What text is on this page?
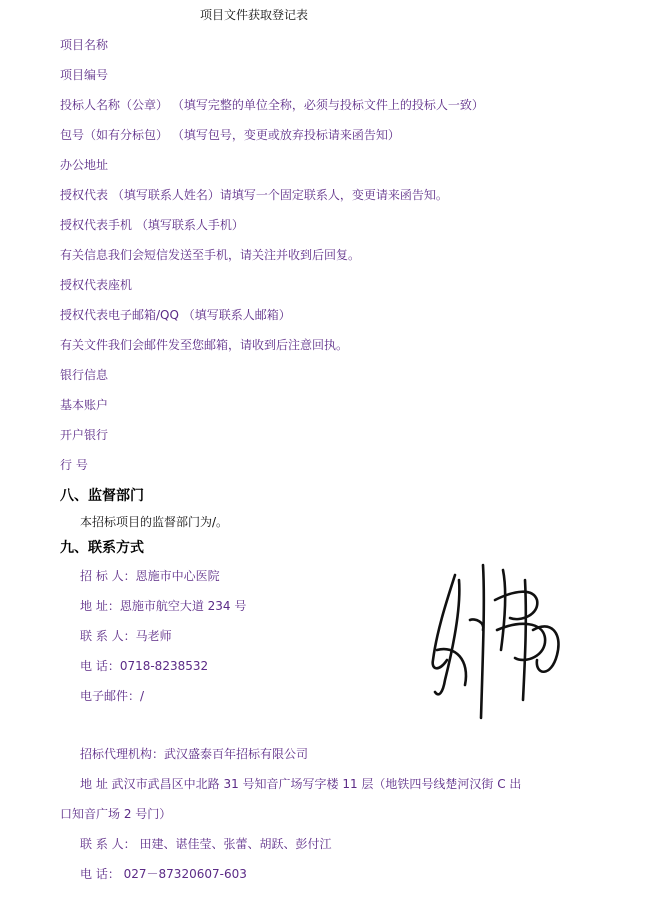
项目文件获取登记表
项目名称
项目编号
投标人名称（公章） （填写完整的单位全称，必须与投标文件上的投标人一致）
包号（如有分标包） （填写包号，变更或放弃投标请来函告知）
办公地址
授权代表 （填写联系人姓名）请填写一个固定联系人，变更请来函告知。
授权代表手机 （填写联系人手机）
有关信息我们会短信发送至手机，请关注并收到后回复。
授权代表座机
授权代表电子邮箱/QQ （填写联系人邮箱）
有关文件我们会邮件发至您邮箱，请收到后注意回执。
银行信息
基本账户
开户银行
行 号
八、监督部门
本招标项目的监督部门为/。
九、联系方式
招 标 人：恩施市中心医院
地 址：恩施市航空大道 234 号
联 系 人：马老师
电 话：0718-8238532
电子邮件：/
招标代理机构：武汉盛泰百年招标有限公司
地 址 武汉市武昌区中北路 31 号知音广场写字楼 11 层（地铁四号线楚河汉街 C 出
口知音广场 2 号门）
联 系 人： 田建、谌佳莹、张蕾、胡跃、彭付江
电 话： 027－87320607-603
